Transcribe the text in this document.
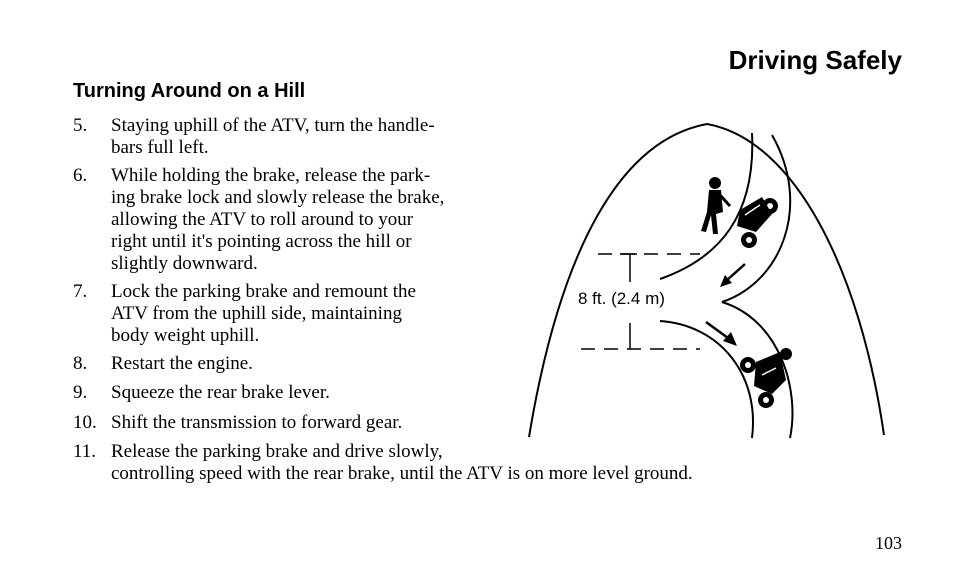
Driving Safely
Turning Around on a Hill
5.	Staying uphill of the ATV, turn the handle-
bars full left.
6.	While holding the brake, release the park-
ing brake lock and slowly release the brake,
allowing the ATV to roll around to your
right until it's pointing across the hill or
slightly downward.
7.	Lock the parking brake and remount the
ATV from the uphill side, maintaining
body weight uphill.
8.	Restart the engine.
9.	Squeeze the rear brake lever.
10. Shift the transmission to forward gear.
11. Release the parking brake and drive slowly,
controlling speed with the rear brake, until the ATV is on more level ground.
8 ft. (2.4 m)
103
